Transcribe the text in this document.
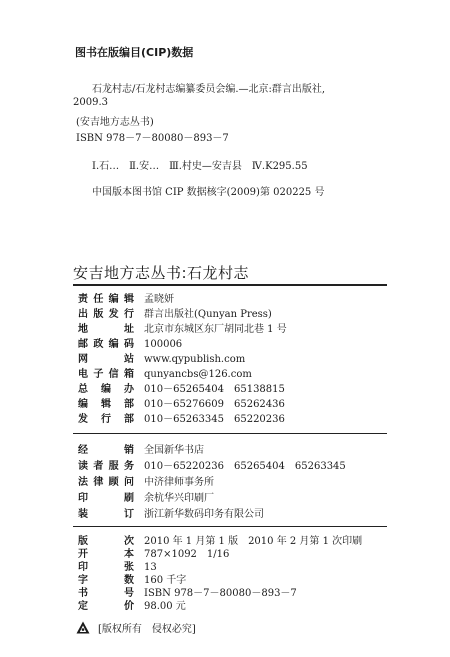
图书在版编目(CIP)数据
石龙村志/石龙村志编纂委员会编.—北京:群言出版社,
2009.3
(安吉地方志丛书)
ISBN 978－7－80080－893－7
Ⅰ.石…　Ⅱ.安…　Ⅲ.村史—安吉县　Ⅳ.K295.55
中国版本图书馆 CIP 数据核字(2009)第 020225 号
安吉地方志丛书:石龙村志
责任编辑 孟晓妍
出版发行 群言出版社(Qunyan Press)
地址 北京市东城区东厂胡同北巷 1 号
邮政编码 100006
网站 www.qypublish.com
电子信箱 qunyancbs@126.com
总编办 010－65265404　65138815
编辑部 010－65276609　65262436
发行部 010－65263345　65220236
经销 全国新华书店
读者服务 010－65220236　65265404　65263345
法律顾问 中济律师事务所
印刷 余杭华兴印刷厂
装订 浙江新华数码印务有限公司
版次 2010 年 1 月第 1 版　2010 年 2 月第 1 次印刷
开本 787×1092　1/16
印张 13
字数 160 千字
书号 ISBN 978－7－80080－893－7
定价 98.00 元
[版权所有　侵权必究]
